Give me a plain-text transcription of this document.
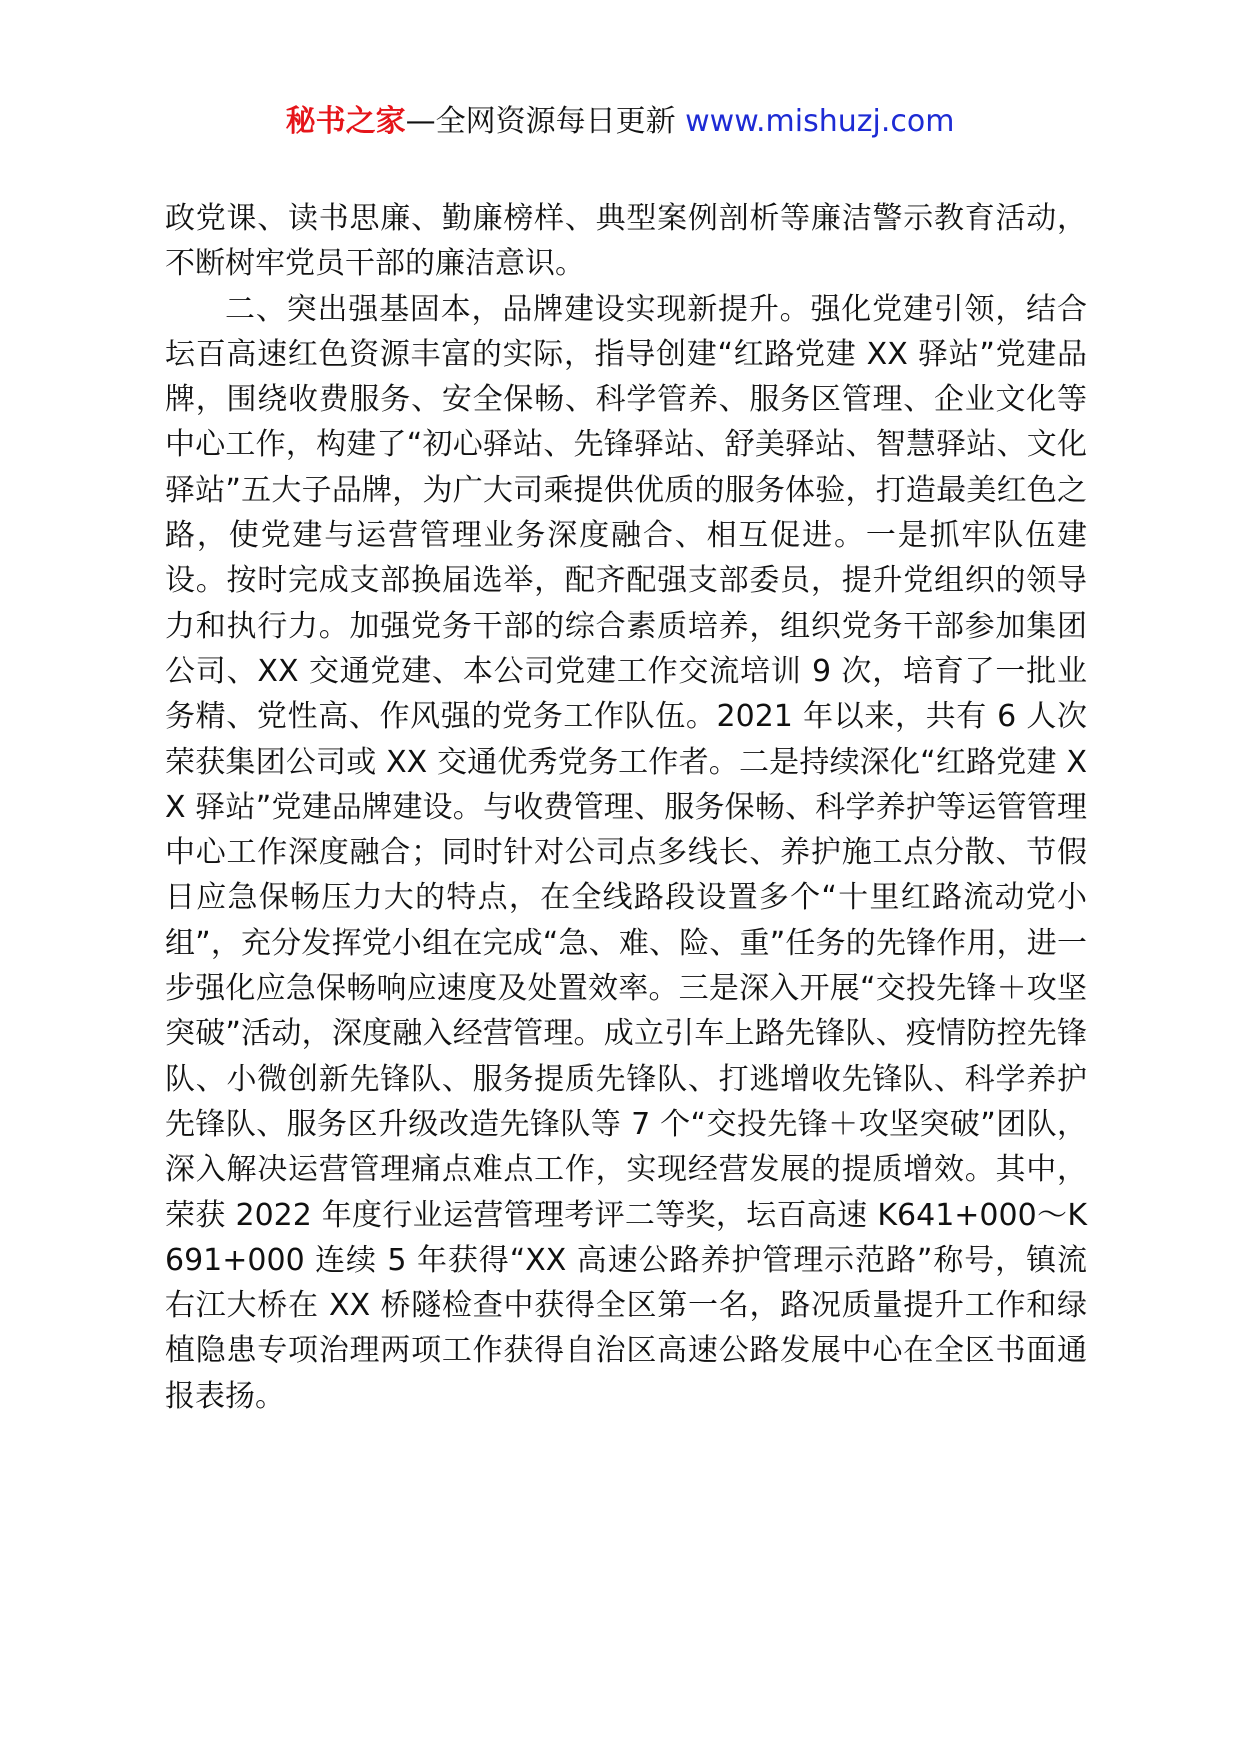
秘书之家—全网资源每日更新 www.mishuzj.com

政党课、读书思廉、勤廉榜样、典型案例剖析等廉洁警示教育活动，不断树牢党员干部的廉洁意识。

二、突出强基固本，品牌建设实现新提升。强化党建引领，结合坛百高速红色资源丰富的实际，指导创建“红路党建 XX 驿站”党建品牌，围绕收费服务、安全保畅、科学管养、服务区管理、企业文化等中心工作，构建了“初心驿站、先锋驿站、舒美驿站、智慧驿站、文化驿站”五大子品牌，为广大司乘提供优质的服务体验，打造最美红色之路，使党建与运营管理业务深度融合、相互促进。一是抓牢队伍建设。按时完成支部换届选举，配齐配强支部委员，提升党组织的领导力和执行力。加强党务干部的综合素质培养，组织党务干部参加集团公司、XX 交通党建、本公司党建工作交流培训 9 次，培育了一批业务精、党性高、作风强的党务工作队伍。2021 年以来，共有 6 人次荣获集团公司或 XX 交通优秀党务工作者。二是持续深化“红路党建 XX 驿站”党建品牌建设。与收费管理、服务保畅、科学养护等运管管理中心工作深度融合；同时针对公司点多线长、养护施工点分散、节假日应急保畅压力大的特点，在全线路段设置多个“十里红路流动党小组”，充分发挥党小组在完成“急、难、险、重”任务的先锋作用，进一步强化应急保畅响应速度及处置效率。三是深入开展“交投先锋＋攻坚突破”活动，深度融入经营管理。成立引车上路先锋队、疫情防控先锋队、小微创新先锋队、服务提质先锋队、打逃增收先锋队、科学养护先锋队、服务区升级改造先锋队等 7 个“交投先锋＋攻坚突破”团队，深入解决运营管理痛点难点工作，实现经营发展的提质增效。其中，荣获 2022 年度行业运营管理考评二等奖，坛百高速 K641+000～K691+000 连续 5 年获得“XX 高速公路养护管理示范路”称号，镇流右江大桥在 XX 桥隧检查中获得全区第一名，路况质量提升工作和绿植隐患专项治理两项工作获得自治区高速公路发展中心在全区书面通报表扬。
